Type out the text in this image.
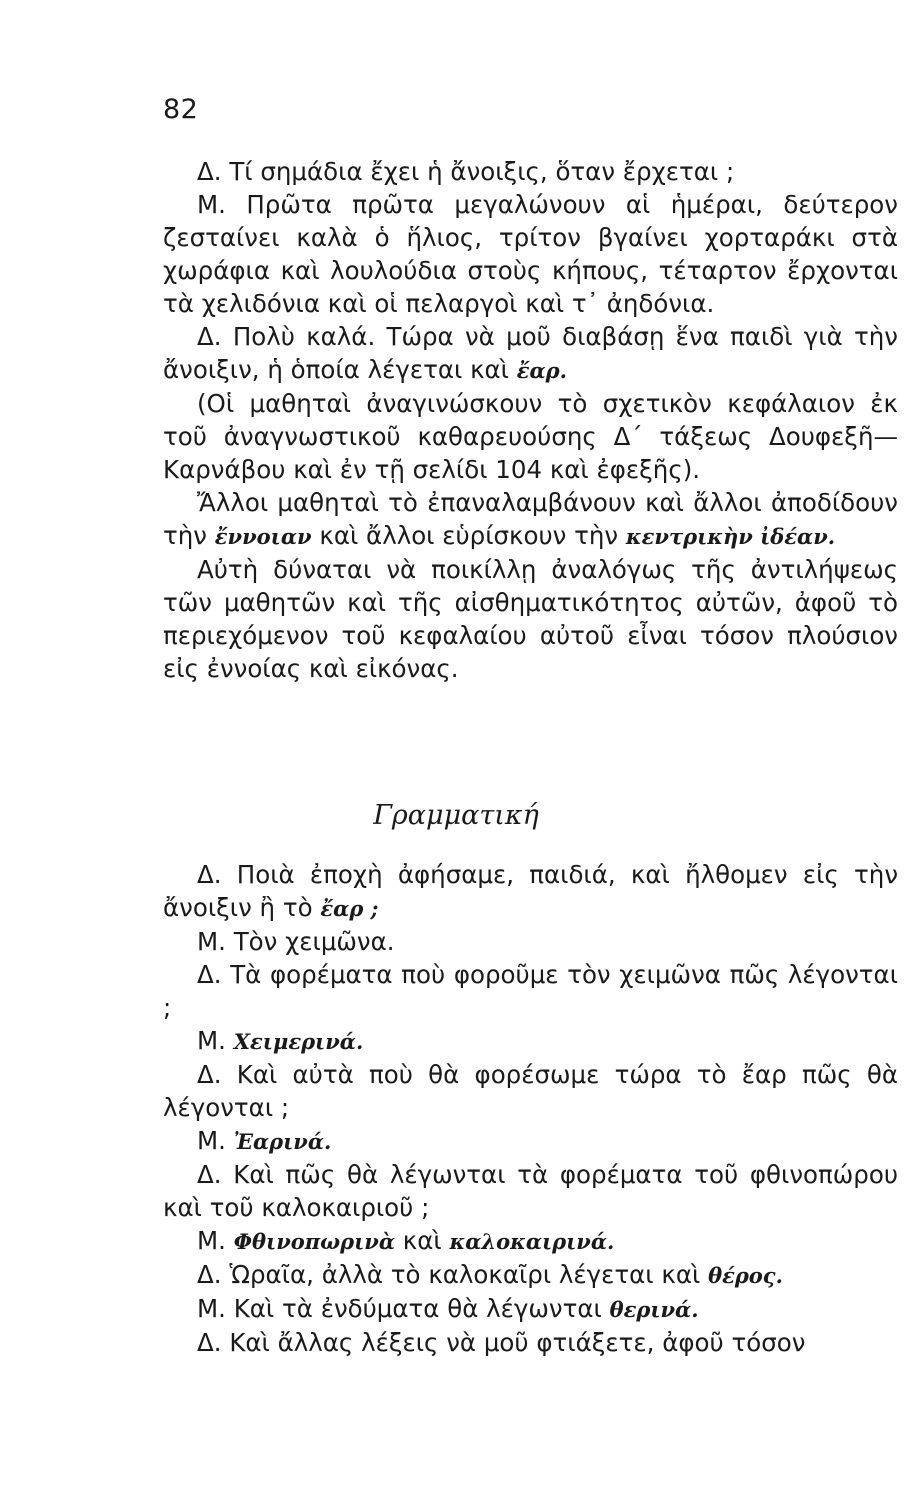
82

Δ. Τί σημάδια ἔχει ἡ ἄνοιξις, ὅταν ἔρχεται ;

Μ. Πρῶτα πρῶτα μεγαλώνουν αἱ ἡμέραι, δεύτερον ζεσταίνει καλὰ ὁ ἥλιος, τρίτον βγαίνει χορταράκι στὰ χωράφια καὶ λουλούδια στοὺς κήπους, τέταρτον ἔρχονται τὰ χελιδόνια καὶ οἱ πελαργοὶ καὶ τ᾽ ἀηδόνια.

Δ. Πολὺ καλά. Τώρα νὰ μοῦ διαβάσῃ ἕνα παιδὶ γιὰ τὴν ἄνοιξιν, ἡ ὁποία λέγεται καὶ ἔαρ.

(Οἱ μαθηταὶ ἀναγινώσκουν τὸ σχετικὸν κεφάλαιον ἐκ τοῦ ἀναγνωστικοῦ καθαρευούσης Δ΄ τάξεως Δουφεξῆ—Καρνάβου καὶ ἐν τῇ σελίδι 104 καὶ ἐφεξῆς).

Ἄλλοι μαθηταὶ τὸ ἐπαναλαμβάνουν καὶ ἄλλοι ἀποδίδουν τὴν ἔννοιαν καὶ ἄλλοι εὑρίσκουν τὴν κεντρικὴν ἰδέαν.

Αὐτὴ δύναται νὰ ποικίλλῃ ἀναλόγως τῆς ἀντιλήψεως τῶν μαθητῶν καὶ τῆς αἰσθηματικότητος αὐτῶν, ἀφοῦ τὸ περιεχόμενον τοῦ κεφαλαίου αὐτοῦ εἶναι τόσον πλούσιον εἰς ἐννοίας καὶ εἰκόνας.

Γραμματική

Δ. Ποιὰ ἐποχὴ ἀφήσαμε, παιδιά, καὶ ἤλθομεν εἰς τὴν ἄνοιξιν ἢ τὸ ἔαρ ;

Μ. Τὸν χειμῶνα.

Δ. Τὰ φορέματα ποὺ φοροῦμε τὸν χειμῶνα πῶς λέγονται ;

Μ. Χειμερινά.

Δ. Καὶ αὐτὰ ποὺ θὰ φορέσωμε τώρα τὸ ἔαρ πῶς θὰ λέγονται ;

Μ. Ἐαρινά.

Δ. Καὶ πῶς θὰ λέγωνται τὰ φορέματα τοῦ φθινοπώρου καὶ τοῦ καλοκαιριοῦ ;

Μ. Φθινοπωρινὰ καὶ καλοκαιρινά.

Δ. Ὡραῖα, ἀλλὰ τὸ καλοκαῖρι λέγεται καὶ θέρος.

Μ. Καὶ τὰ ἐνδύματα θὰ λέγωνται θερινά.

Δ. Καὶ ἄλλας λέξεις νὰ μοῦ φτιάξετε, ἀφοῦ τόσον
